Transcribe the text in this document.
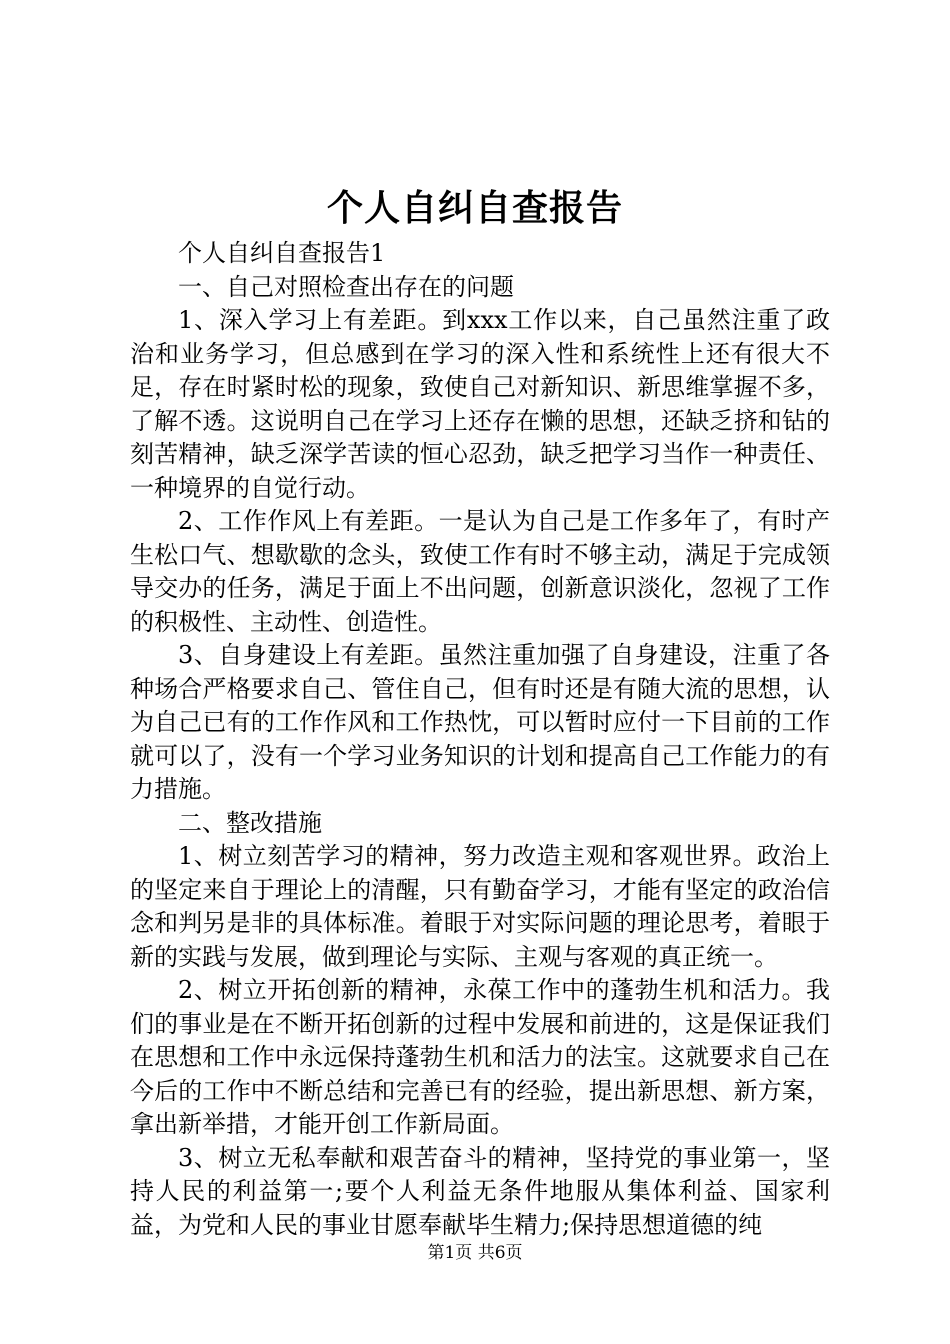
个人自纠自查报告

个人自纠自查报告1

一、自己对照检查出存在的问题

1、深入学习上有差距。到xxx工作以来，自己虽然注重了政治和业务学习，但总感到在学习的深入性和系统性上还有很大不足，存在时紧时松的现象，致使自己对新知识、新思维掌握不多，了解不透。这说明自己在学习上还存在懒的思想，还缺乏挤和钻的刻苦精神，缺乏深学苦读的恒心忍劲，缺乏把学习当作一种责任、一种境界的自觉行动。

2、工作作风上有差距。一是认为自己是工作多年了，有时产生松口气、想歇歇的念头，致使工作有时不够主动，满足于完成领导交办的任务，满足于面上不出问题，创新意识淡化，忽视了工作的积极性、主动性、创造性。

3、自身建设上有差距。虽然注重加强了自身建设，注重了各种场合严格要求自己、管住自己，但有时还是有随大流的思想，认为自己已有的工作作风和工作热忱，可以暂时应付一下目前的工作就可以了，没有一个学习业务知识的计划和提高自己工作能力的有力措施。

二、整改措施

1、树立刻苦学习的精神，努力改造主观和客观世界。政治上的坚定来自于理论上的清醒，只有勤奋学习，才能有坚定的政治信念和判另是非的具体标准。着眼于对实际问题的理论思考，着眼于新的实践与发展，做到理论与实际、主观与客观的真正统一。

2、树立开拓创新的精神，永葆工作中的蓬勃生机和活力。我们的事业是在不断开拓创新的过程中发展和前进的，这是保证我们在思想和工作中永远保持蓬勃生机和活力的法宝。这就要求自己在今后的工作中不断总结和完善已有的经验，提出新思想、新方案，拿出新举措，才能开创工作新局面。

3、树立无私奉献和艰苦奋斗的精神，坚持党的事业第一，坚持人民的利益第一;要个人利益无条件地服从集体利益、国家利益，为党和人民的事业甘愿奉献毕生精力;保持思想道德的纯

第1页 共6页
